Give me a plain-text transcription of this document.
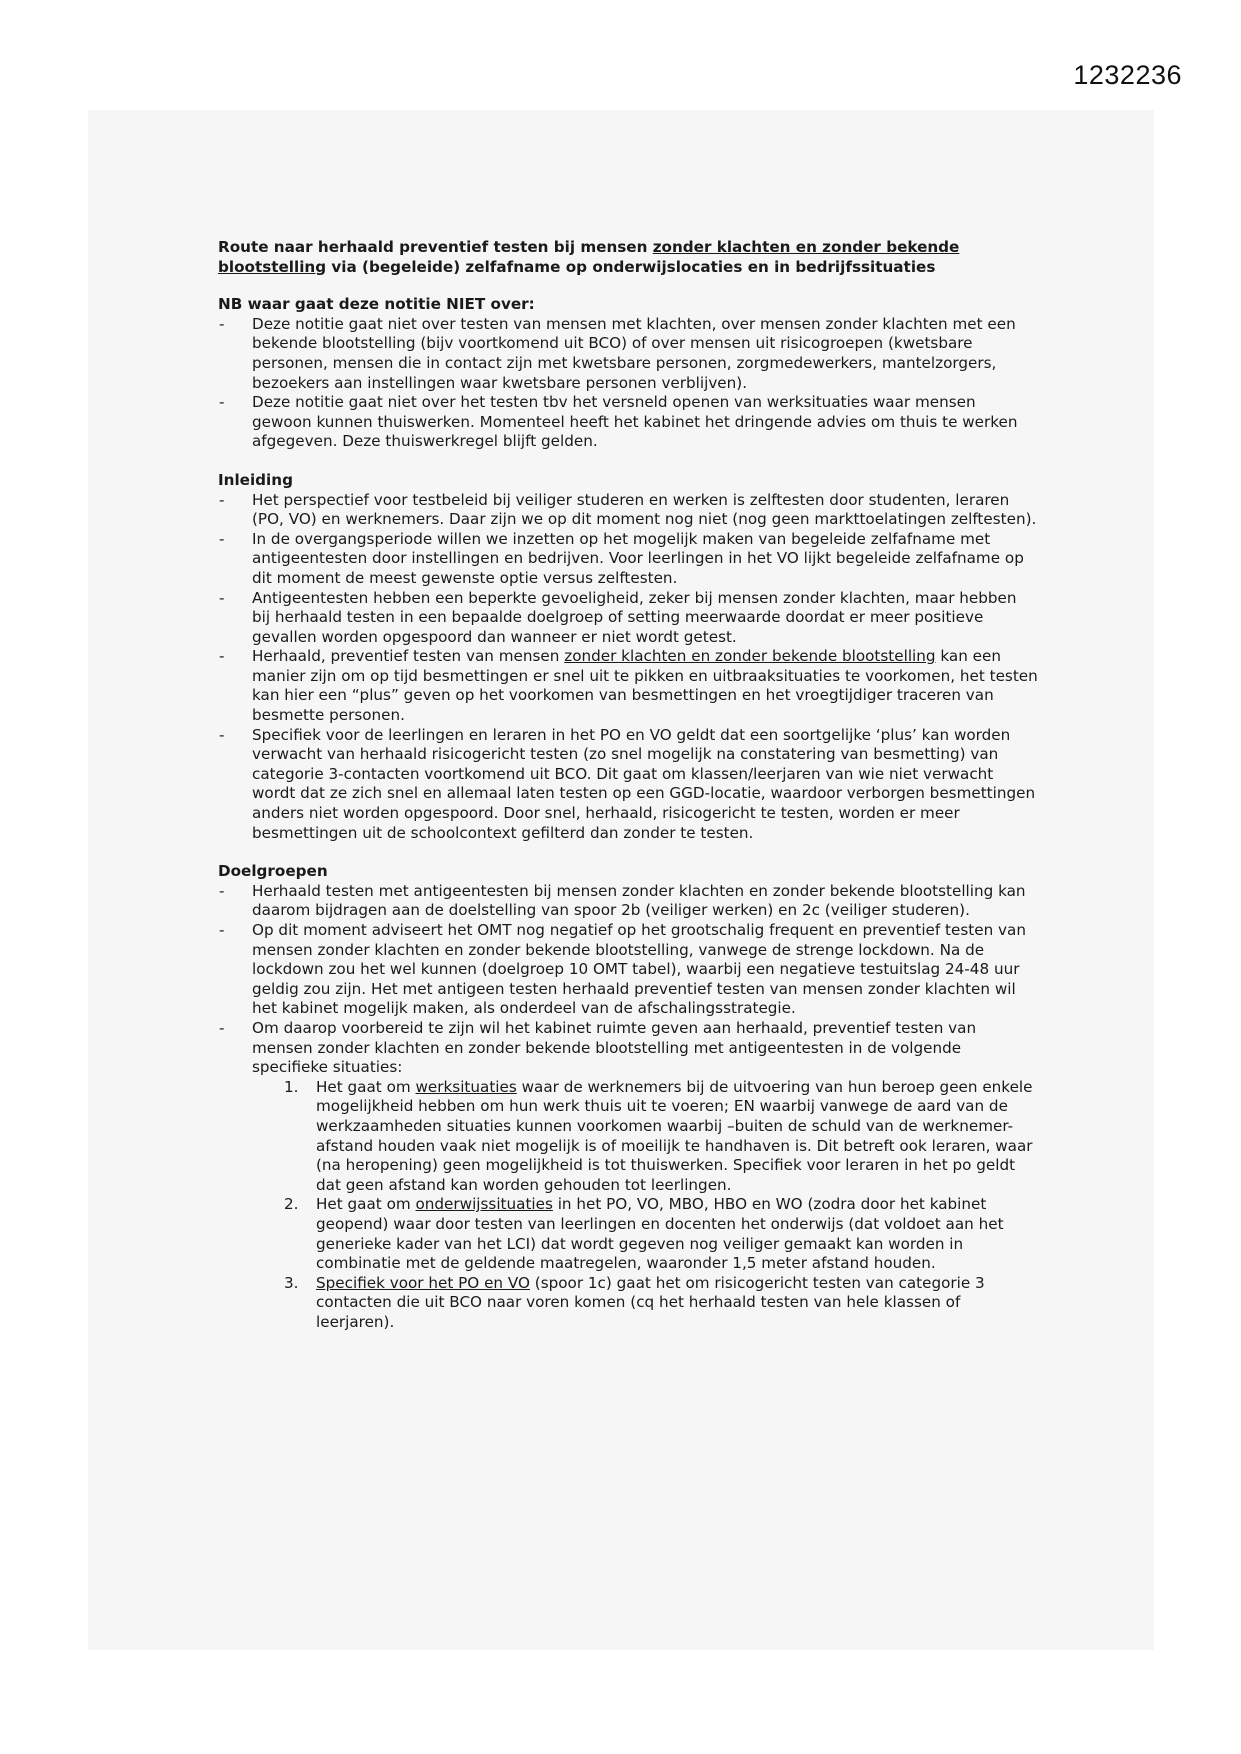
1232236

Route naar herhaald preventief testen bij mensen zonder klachten en zonder bekende blootstelling via (begeleide) zelfafname op onderwijslocaties en in bedrijfssituaties

NB waar gaat deze notitie NIET over:

- Deze notitie gaat niet over testen van mensen met klachten, over mensen zonder klachten met een bekende blootstelling (bijv voortkomend uit BCO) of over mensen uit risicogroepen (kwetsbare personen, mensen die in contact zijn met kwetsbare personen, zorgmedewerkers, mantelzorgers, bezoekers aan instellingen waar kwetsbare personen verblijven).
- Deze notitie gaat niet over het testen tbv het versneld openen van werksituaties waar mensen gewoon kunnen thuiswerken. Momenteel heeft het kabinet het dringende advies om thuis te werken afgegeven. Deze thuiswerkregel blijft gelden.

Inleiding

- Het perspectief voor testbeleid bij veiliger studeren en werken is zelftesten door studenten, leraren (PO, VO) en werknemers. Daar zijn we op dit moment nog niet (nog geen markttoelatingen zelftesten).
- In de overgangsperiode willen we inzetten op het mogelijk maken van begeleide zelfafname met antigeentesten door instellingen en bedrijven. Voor leerlingen in het VO lijkt begeleide zelfafname op dit moment de meest gewenste optie versus zelftesten.
- Antigeentesten hebben een beperkte gevoeligheid, zeker bij mensen zonder klachten, maar hebben bij herhaald testen in een bepaalde doelgroep of setting meerwaarde doordat er meer positieve gevallen worden opgespoord dan wanneer er niet wordt getest.
- Herhaald, preventief testen van mensen zonder klachten en zonder bekende blootstelling kan een manier zijn om op tijd besmettingen er snel uit te pikken en uitbraaksituaties te voorkomen, het testen kan hier een “plus” geven op het voorkomen van besmettingen en het vroegtijdiger traceren van besmette personen.
- Specifiek voor de leerlingen en leraren in het PO en VO geldt dat een soortgelijke ‘plus’ kan worden verwacht van herhaald risicogericht testen (zo snel mogelijk na constatering van besmetting) van categorie 3-contacten voortkomend uit BCO. Dit gaat om klassen/leerjaren van wie niet verwacht wordt dat ze zich snel en allemaal laten testen op een GGD-locatie, waardoor verborgen besmettingen anders niet worden opgespoord. Door snel, herhaald, risicogericht te testen, worden er meer besmettingen uit de schoolcontext gefilterd dan zonder te testen.

Doelgroepen

- Herhaald testen met antigeentesten bij mensen zonder klachten en zonder bekende blootstelling kan daarom bijdragen aan de doelstelling van spoor 2b (veiliger werken) en 2c (veiliger studeren).
- Op dit moment adviseert het OMT nog negatief op het grootschalig frequent en preventief testen van mensen zonder klachten en zonder bekende blootstelling, vanwege de strenge lockdown. Na de lockdown zou het wel kunnen (doelgroep 10 OMT tabel), waarbij een negatieve testuitslag 24-48 uur geldig zou zijn. Het met antigeen testen herhaald preventief testen van mensen zonder klachten wil het kabinet mogelijk maken, als onderdeel van de afschalingsstrategie.
- Om daarop voorbereid te zijn wil het kabinet ruimte geven aan herhaald, preventief testen van mensen zonder klachten en zonder bekende blootstelling met antigeentesten in de volgende specifieke situaties:
1. Het gaat om werksituaties waar de werknemers bij de uitvoering van hun beroep geen enkele mogelijkheid hebben om hun werk thuis uit te voeren; EN waarbij vanwege de aard van de werkzaamheden situaties kunnen voorkomen waarbij –buiten de schuld van de werknemer- afstand houden vaak niet mogelijk is of moeilijk te handhaven is. Dit betreft ook leraren, waar (na heropening) geen mogelijkheid is tot thuiswerken. Specifiek voor leraren in het po geldt dat geen afstand kan worden gehouden tot leerlingen.
2. Het gaat om onderwijssituaties in het PO, VO, MBO, HBO en WO (zodra door het kabinet geopend) waar door testen van leerlingen en docenten het onderwijs (dat voldoet aan het generieke kader van het LCI) dat wordt gegeven nog veiliger gemaakt kan worden in combinatie met de geldende maatregelen, waaronder 1,5 meter afstand houden.
3. Specifiek voor het PO en VO (spoor 1c) gaat het om risicogericht testen van categorie 3 contacten die uit BCO naar voren komen (cq het herhaald testen van hele klassen of leerjaren).
